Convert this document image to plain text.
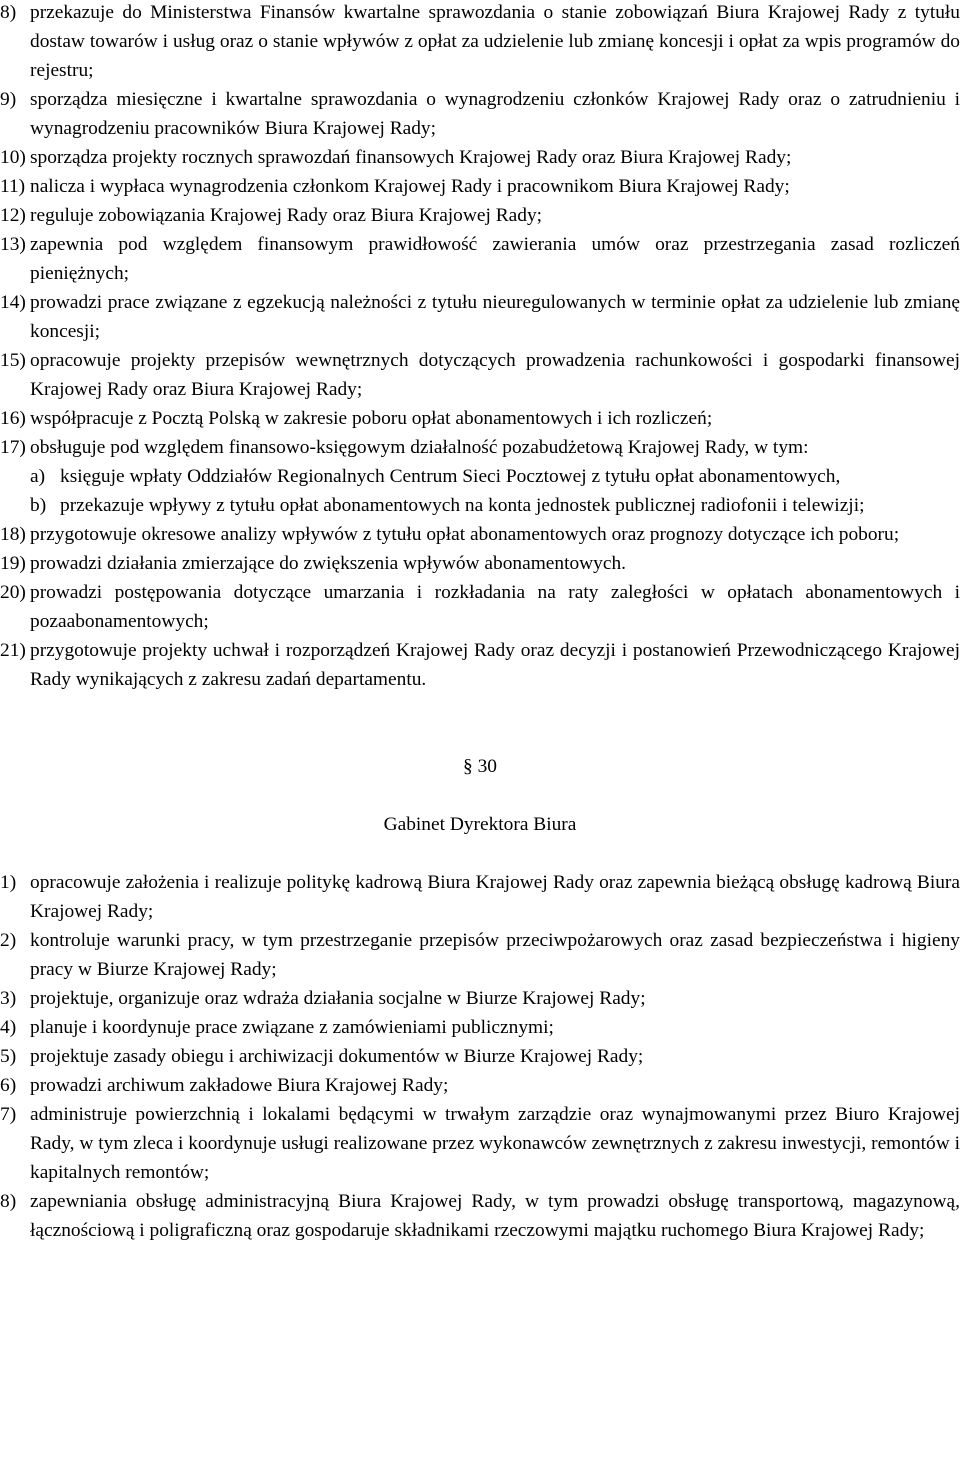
8) przekazuje do Ministerstwa Finansów kwartalne sprawozdania o stanie zobowiązań Biura Krajowej Rady z tytułu dostaw towarów i usług oraz o stanie wpływów z opłat za udzielenie lub zmianę koncesji i opłat za wpis programów do rejestru;
9) sporządza miesięczne i kwartalne sprawozdania o wynagrodzeniu członków Krajowej Rady oraz o zatrudnieniu i wynagrodzeniu pracowników Biura Krajowej Rady;
10) sporządza projekty rocznych sprawozdań finansowych Krajowej Rady oraz Biura Krajowej Rady;
11) nalicza i wypłaca wynagrodzenia członkom Krajowej Rady i pracownikom Biura Krajowej Rady;
12) reguluje zobowiązania Krajowej Rady oraz Biura Krajowej Rady;
13) zapewnia pod względem finansowym prawidłowość zawierania umów oraz przestrzegania zasad rozliczeń pieniężnych;
14) prowadzi prace związane z egzekucją należności z tytułu nieuregulowanych w terminie opłat za udzielenie lub zmianę koncesji;
15) opracowuje projekty przepisów wewnętrznych dotyczących prowadzenia rachunkowości i gospodarki finansowej Krajowej Rady oraz Biura Krajowej Rady;
16) współpracuje z Pocztą Polską w zakresie poboru opłat abonamentowych i ich rozliczeń;
17) obsługuje pod względem finansowo-księgowym działalność pozabudżetową Krajowej Rady, w tym:
a) księguje wpłaty Oddziałów Regionalnych Centrum Sieci Pocztowej z tytułu opłat abonamentowych,
b) przekazuje wpływy z tytułu opłat abonamentowych na konta jednostek publicznej radiofonii i telewizji;
18) przygotowuje okresowe analizy wpływów z tytułu opłat abonamentowych oraz prognozy dotyczące ich poboru;
19) prowadzi działania zmierzające do zwiększenia wpływów abonamentowych.
20) prowadzi postępowania dotyczące umarzania i rozkładania na raty zaległości w opłatach abonamentowych i pozaabonamentowych;
21) przygotowuje projekty uchwał i rozporządzeń Krajowej Rady oraz decyzji i postanowień Przewodniczącego Krajowej Rady wynikających z zakresu zadań departamentu.
§ 30
Gabinet Dyrektora Biura
1) opracowuje założenia i realizuje politykę kadrową Biura Krajowej Rady oraz zapewnia bieżącą obsługę kadrową Biura Krajowej Rady;
2) kontroluje warunki pracy, w tym przestrzeganie przepisów przeciwpożarowych oraz zasad bezpieczeństwa i higieny pracy w Biurze Krajowej Rady;
3) projektuje, organizuje oraz wdraża działania socjalne w Biurze Krajowej Rady;
4) planuje i koordynuje prace związane z zamówieniami publicznymi;
5) projektuje zasady obiegu i archiwizacji dokumentów w Biurze Krajowej Rady;
6) prowadzi archiwum zakładowe Biura Krajowej Rady;
7) administruje powierzchnią i lokalami będącymi w trwałym zarządzie oraz wynajmowanymi przez Biuro Krajowej Rady, w tym zleca i koordynuje usługi realizowane przez wykonawców zewnętrznych z zakresu inwestycji, remontów i kapitalnych remontów;
8) zapewniania obsługę administracyjną Biura Krajowej Rady, w tym prowadzi obsługę transportową, magazynową, łącznościową i poligraficzną oraz gospodaruje składnikami rzeczowymi majątku ruchomego Biura Krajowej Rady;
